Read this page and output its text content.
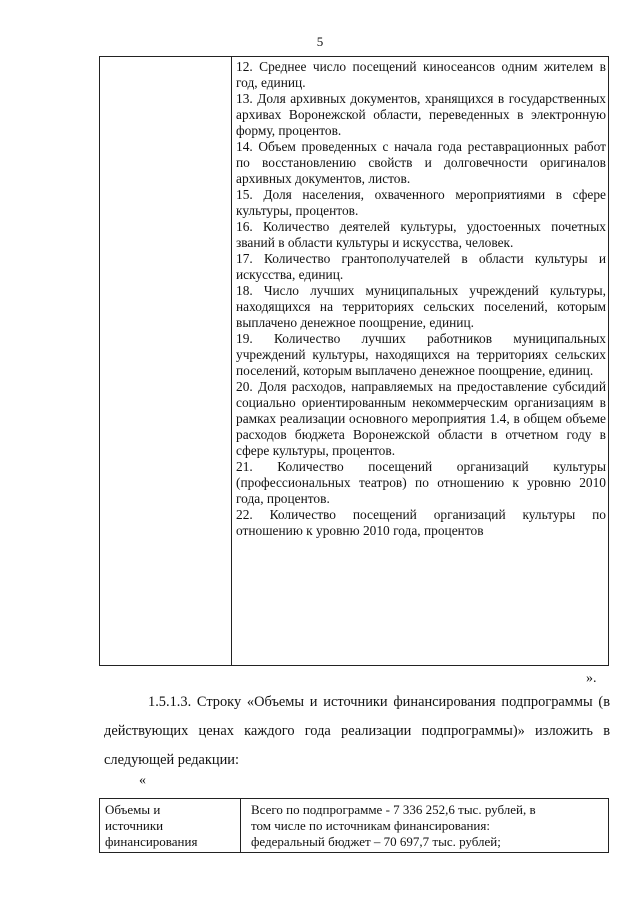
5

12. Среднее число посещений киносеансов одним жителем в год, единиц.

13. Доля архивных документов, хранящихся в государственных архивах Воронежской области, переведенных в электронную форму, процентов.

14. Объем проведенных с начала года реставрационных работ по восстановлению свойств и долговечности оригиналов архивных документов, листов.

15. Доля населения, охваченного мероприятиями в сфере культуры, процентов.

16. Количество деятелей культуры, удостоенных почетных званий в области культуры и искусства, человек.

17. Количество грантополучателей в области культуры и искусства, единиц.

18. Число лучших муниципальных учреждений культуры, находящихся на территориях сельских поселений, которым выплачено денежное поощрение, единиц.

19. Количество лучших работников муниципальных учреждений культуры, находящихся на территориях сельских поселений, которым выплачено денежное поощрение, единиц.

20. Доля расходов, направляемых на предоставление субсидий социально ориентированным некоммерческим организациям в рамках реализации основного мероприятия 1.4, в общем объеме расходов бюджета Воронежской области в отчетном году в сфере культуры, процентов.

21. Количество посещений организаций культуры (профессиональных театров) по отношению к уровню 2010 года, процентов.

22. Количество посещений организаций культуры по отношению к уровню 2010 года, процентов

».
1.5.1.3. Строку «Объемы и источники финансирования подпрограммы (в действующих ценах каждого года реализации подпрограммы)» изложить в следующей редакции:
«
Объемы и
источники
финансирования

Всего по подпрограмме - 7 336 252,6 тыс. рублей, в
том числе по источникам финансирования:
федеральный бюджет – 70 697,7 тыс. рублей;
